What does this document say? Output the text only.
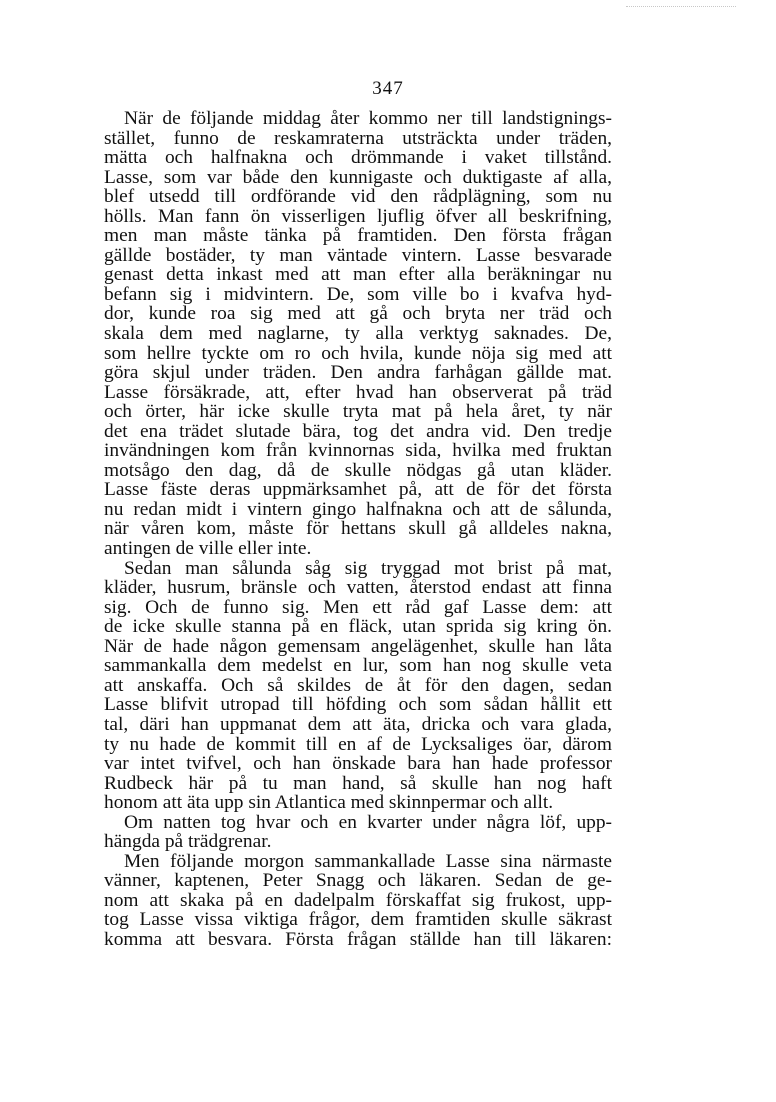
347
När de följande middag åter kommo ner till landstignings-
stället, funno de reskamraterna utsträckta under träden,
mätta och halfnakna och drömmande i vaket tillstånd.
Lasse, som var både den kunnigaste och duktigaste af alla,
blef utsedd till ordförande vid den rådplägning, som nu
hölls. Man fann ön visserligen ljuflig öfver all beskrifning,
men man måste tänka på framtiden. Den första frågan
gällde bostäder, ty man väntade vintern. Lasse besvarade
genast detta inkast med att man efter alla beräkningar nu
befann sig i midvintern. De, som ville bo i kvafva hyd-
dor, kunde roa sig med att gå och bryta ner träd och
skala dem med naglarne, ty alla verktyg saknades. De,
som hellre tyckte om ro och hvila, kunde nöja sig med att
göra skjul under träden. Den andra farhågan gällde mat.
Lasse försäkrade, att, efter hvad han observerat på träd
och örter, här icke skulle tryta mat på hela året, ty när
det ena trädet slutade bära, tog det andra vid. Den tredje
invändningen kom från kvinnornas sida, hvilka med fruktan
motsågo den dag, då de skulle nödgas gå utan kläder.
Lasse fäste deras uppmärksamhet på, att de för det första
nu redan midt i vintern gingo halfnakna och att de sålunda,
när våren kom, måste för hettans skull gå alldeles nakna,
antingen de ville eller inte.
Sedan man sålunda såg sig tryggad mot brist på mat,
kläder, husrum, bränsle och vatten, återstod endast att finna
sig. Och de funno sig. Men ett råd gaf Lasse dem: att
de icke skulle stanna på en fläck, utan sprida sig kring ön.
När de hade någon gemensam angelägenhet, skulle han låta
sammankalla dem medelst en lur, som han nog skulle veta
att anskaffa. Och så skildes de åt för den dagen, sedan
Lasse blifvit utropad till höfding och som sådan hållit ett
tal, däri han uppmanat dem att äta, dricka och vara glada,
ty nu hade de kommit till en af de Lycksaliges öar, därom
var intet tvifvel, och han önskade bara han hade professor
Rudbeck här på tu man hand, så skulle han nog haft
honom att äta upp sin Atlantica med skinnpermar och allt.
Om natten tog hvar och en kvarter under några löf, upp-
hängda på trädgrenar.
Men följande morgon sammankallade Lasse sina närmaste
vänner, kaptenen, Peter Snagg och läkaren. Sedan de ge-
nom att skaka på en dadelpalm förskaffat sig frukost, upp-
tog Lasse vissa viktiga frågor, dem framtiden skulle säkrast
komma att besvara. Första frågan ställde han till läkaren:
